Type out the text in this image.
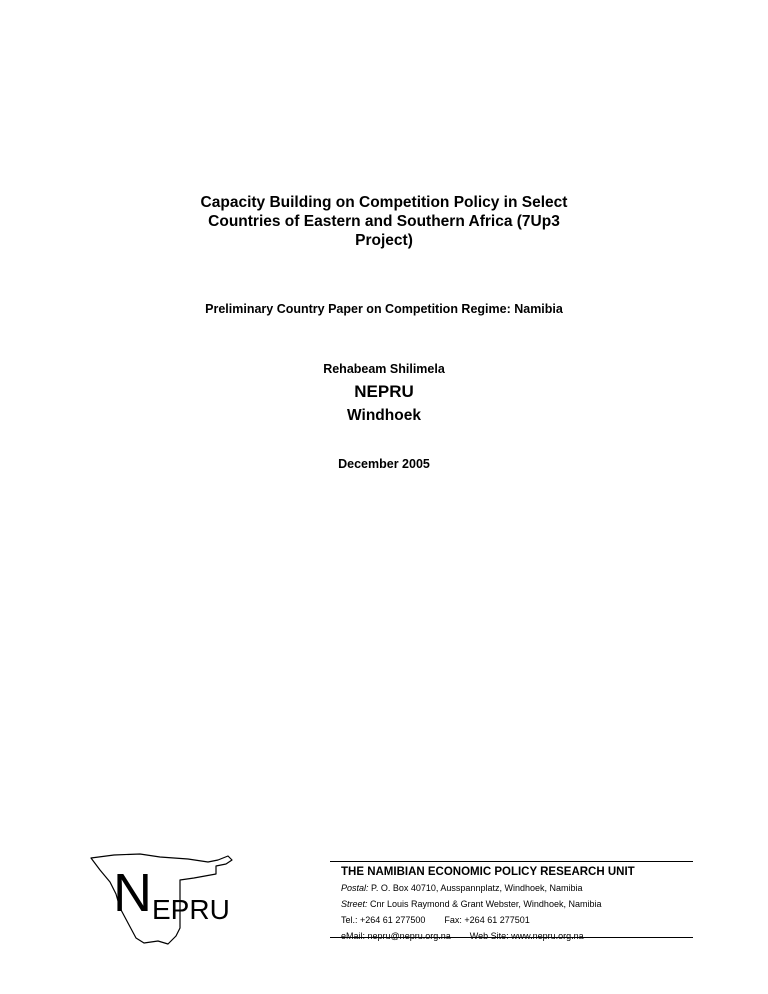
Capacity Building on Competition Policy in Select
Countries of Eastern and Southern Africa (7Up3
Project)

Preliminary Country Paper on Competition Regime: Namibia

Rehabeam Shilimela

NEPRU

Windhoek

December 2005

N EPRU
THE NAMIBIAN ECONOMIC POLICY RESEARCH UNIT
Postal: P. O. Box 40710, Ausspannplatz, Windhoek, Namibia
Street: Cnr Louis Raymond & Grant Webster, Windhoek, Namibia
Tel.: +264 61 277500 Fax: +264 61 277501
eMail: nepru@nepru.org.na Web Site: www.nepru.org.na
